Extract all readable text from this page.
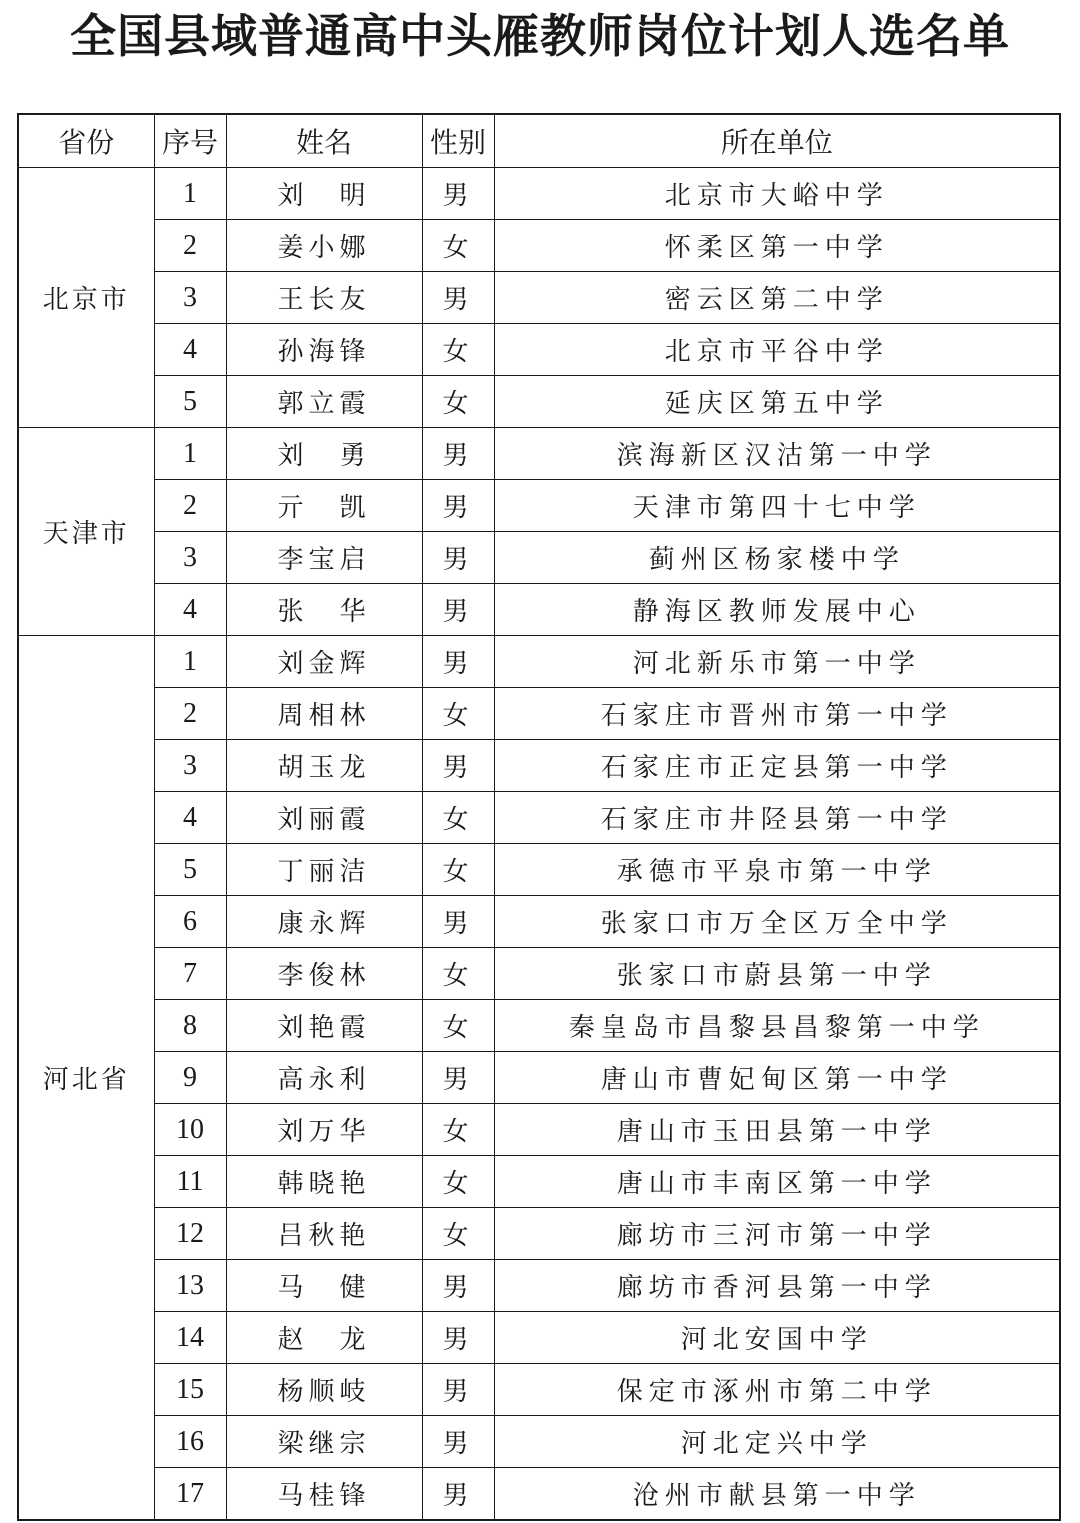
全国县域普通高中头雁教师岗位计划人选名单
省份	序号	姓名	性别	所在单位
北京市	1	刘　明	男	北京市大峪中学
	2	姜小娜	女	怀柔区第一中学
	3	王长友	男	密云区第二中学
	4	孙海锋	女	北京市平谷中学
	5	郭立霞	女	延庆区第五中学
天津市	1	刘　勇	男	滨海新区汉沽第一中学
	2	亓　凯	男	天津市第四十七中学
	3	李宝启	男	蓟州区杨家楼中学
	4	张　华	男	静海区教师发展中心
河北省	1	刘金辉	男	河北新乐市第一中学
	2	周相林	女	石家庄市晋州市第一中学
	3	胡玉龙	男	石家庄市正定县第一中学
	4	刘丽霞	女	石家庄市井陉县第一中学
	5	丁丽洁	女	承德市平泉市第一中学
	6	康永辉	男	张家口市万全区万全中学
	7	李俊林	女	张家口市蔚县第一中学
	8	刘艳霞	女	秦皇岛市昌黎县昌黎第一中学
	9	高永利	男	唐山市曹妃甸区第一中学
	10	刘万华	女	唐山市玉田县第一中学
	11	韩晓艳	女	唐山市丰南区第一中学
	12	吕秋艳	女	廊坊市三河市第一中学
	13	马　健	男	廊坊市香河县第一中学
	14	赵　龙	男	河北安国中学
	15	杨顺岐	男	保定市涿州市第二中学
	16	梁继宗	男	河北定兴中学
	17	马桂锋	男	沧州市献县第一中学
